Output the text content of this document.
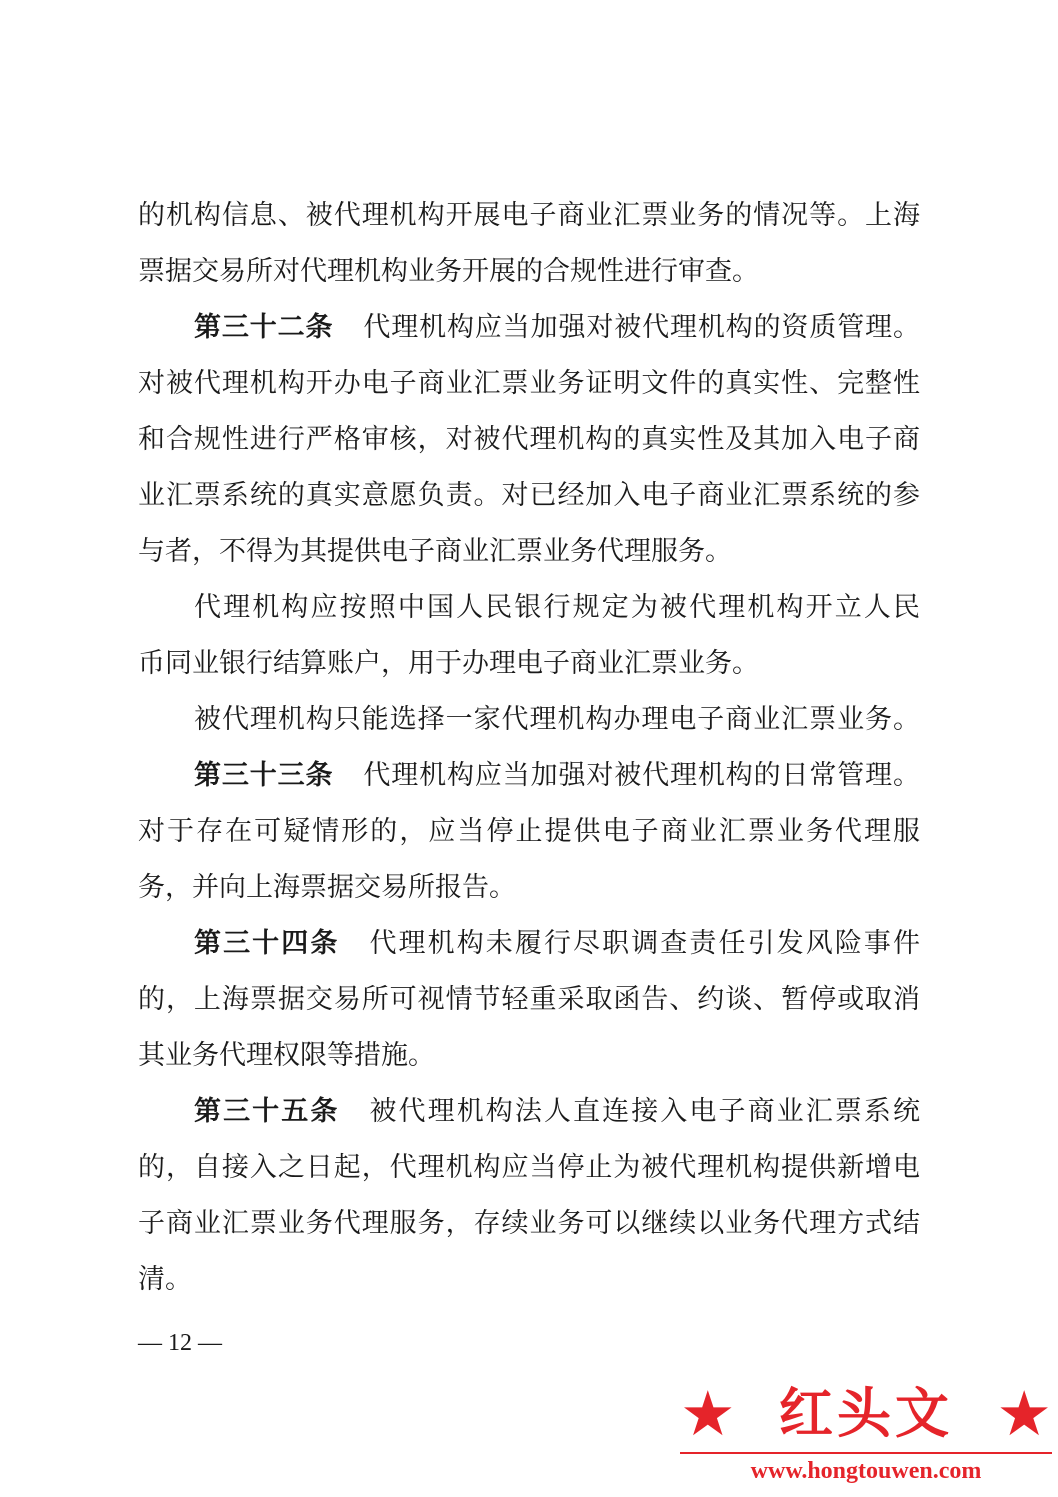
的机构信息、被代理机构开展电子商业汇票业务的情况等。上海
票据交易所对代理机构业务开展的合规性进行审查。
第三十二条 代理机构应当加强对被代理机构的资质管理。
对被代理机构开办电子商业汇票业务证明文件的真实性、完整性
和合规性进行严格审核，对被代理机构的真实性及其加入电子商
业汇票系统的真实意愿负责。对已经加入电子商业汇票系统的参
与者，不得为其提供电子商业汇票业务代理服务。
代理机构应按照中国人民银行规定为被代理机构开立人民
币同业银行结算账户，用于办理电子商业汇票业务。
被代理机构只能选择一家代理机构办理电子商业汇票业务。
第三十三条 代理机构应当加强对被代理机构的日常管理。
对于存在可疑情形的，应当停止提供电子商业汇票业务代理服
务，并向上海票据交易所报告。
第三十四条 代理机构未履行尽职调查责任引发风险事件
的，上海票据交易所可视情节轻重采取函告、约谈、暂停或取消
其业务代理权限等措施。
第三十五条 被代理机构法人直连接入电子商业汇票系统
的，自接入之日起，代理机构应当停止为被代理机构提供新增电
子商业汇票业务代理服务，存续业务可以继续以业务代理方式结
清。
— 12 —
★ 红头文 ★
www.hongtouwen.com
